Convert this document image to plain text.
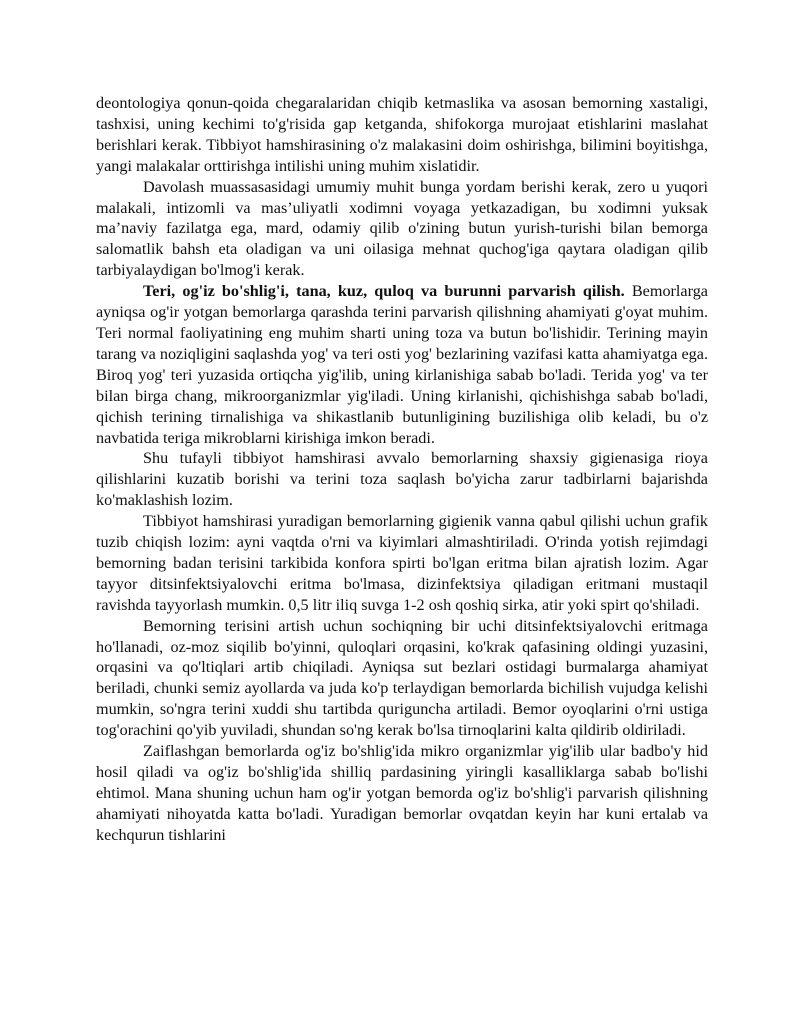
deontologiya qonun-qoida chegaralaridan chiqib ketmaslika va asosan bemorning xastaligi, tashxisi, uning kechimi to'g'risida gap ketganda, shifokorga murojaat etishlarini maslahat berishlari kerak. Tibbiyot hamshirasining o'z malakasini doim oshirishga, bilimini boyitishga, yangi malakalar orttirishga intilishi uning muhim xislatidir.

Davolash muassasasidagi umumiy muhit bunga yordam berishi kerak, zero u yuqori malakali, intizomli va mas’uliyatli xodimni voyaga yetkazadigan, bu xodimni yuksak ma’naviy fazilatga ega, mard, odamiy qilib o'zining butun yurish-turishi bilan bemorga salomatlik bahsh eta oladigan va uni oilasiga mehnat quchog'iga qaytara oladigan qilib tarbiyalaydigan bo'lmog'i kerak.

Teri, og'iz bo'shlig'i, tana, kuz, quloq va burunni parvarish qilish. Bemorlarga ayniqsa og'ir yotgan bemorlarga qarashda terini parvarish qilishning ahamiyati g'oyat muhim. Teri normal faoliyatining eng muhim sharti uning toza va butun bo'lishidir. Terining mayin tarang va noziqligini saqlashda yog' va teri osti yog' bezlarining vazifasi katta ahamiyatga ega. Biroq yog' teri yuzasida ortiqcha yig'ilib, uning kirlanishiga sabab bo'ladi. Terida yog' va ter bilan birga chang, mikroorganizmlar yig'iladi. Uning kirlanishi, qichishishga sabab bo'ladi, qichish terining tirnalishiga va shikastlanib butunligining buzilishiga olib keladi, bu o'z navbatida teriga mikroblarni kirishiga imkon beradi.

Shu tufayli tibbiyot hamshirasi avvalo bemorlarning shaxsiy gigienasiga rioya qilishlarini kuzatib borishi va terini toza saqlash bo'yicha zarur tadbirlarni bajarishda ko'maklashish lozim.

Tibbiyot hamshirasi yuradigan bemorlarning gigienik vanna qabul qilishi uchun grafik tuzib chiqish lozim: ayni vaqtda o'rni va kiyimlari almashtiriladi. O'rinda yotish rejimdagi bemorning badan terisini tarkibida konfora spirti bo'lgan eritma bilan ajratish lozim. Agar tayyor ditsinfektsiyalovchi eritma bo'lmasa, dizinfektsiya qiladigan eritmani mustaqil ravishda tayyorlash mumkin. 0,5 litr iliq suvga 1-2 osh qoshiq sirka, atir yoki spirt qo'shiladi.

Bemorning terisini artish uchun sochiqning bir uchi ditsinfektsiyalovchi eritmaga ho'llanadi, oz-moz siqilib bo'yinni, quloqlari orqasini, ko'krak qafasining oldingi yuzasini, orqasini va qo'ltiqlari artib chiqiladi. Ayniqsa sut bezlari ostidagi burmalarga ahamiyat beriladi, chunki semiz ayollarda va juda ko'p terlaydigan bemorlarda bichilish vujudga kelishi mumkin, so'ngra terini xuddi shu tartibda qurigunchа artiladi. Bemor oyoqlarini o'rni ustiga tog'orachini qo'yib yuviladi, shundan so'ng kerak bo'lsa tirnoqlarini kalta qildirib oldiriladi.

Zaiflashgan bemorlarda og'iz bo'shlig'ida mikro organizmlar yig'ilib ular badbo'y hid hosil qiladi va og'iz bo'shlig'ida shilliq pardasining yiringli kasalliklarga sabab bo'lishi ehtimol. Mana shuning uchun ham og'ir yotgan bemorda og'iz bo'shlig'i parvarish qilishning ahamiyati nihoyatda katta bo'ladi. Yuradigan bemorlar ovqatdan keyin har kuni ertalab va kechqurun tishlarini
